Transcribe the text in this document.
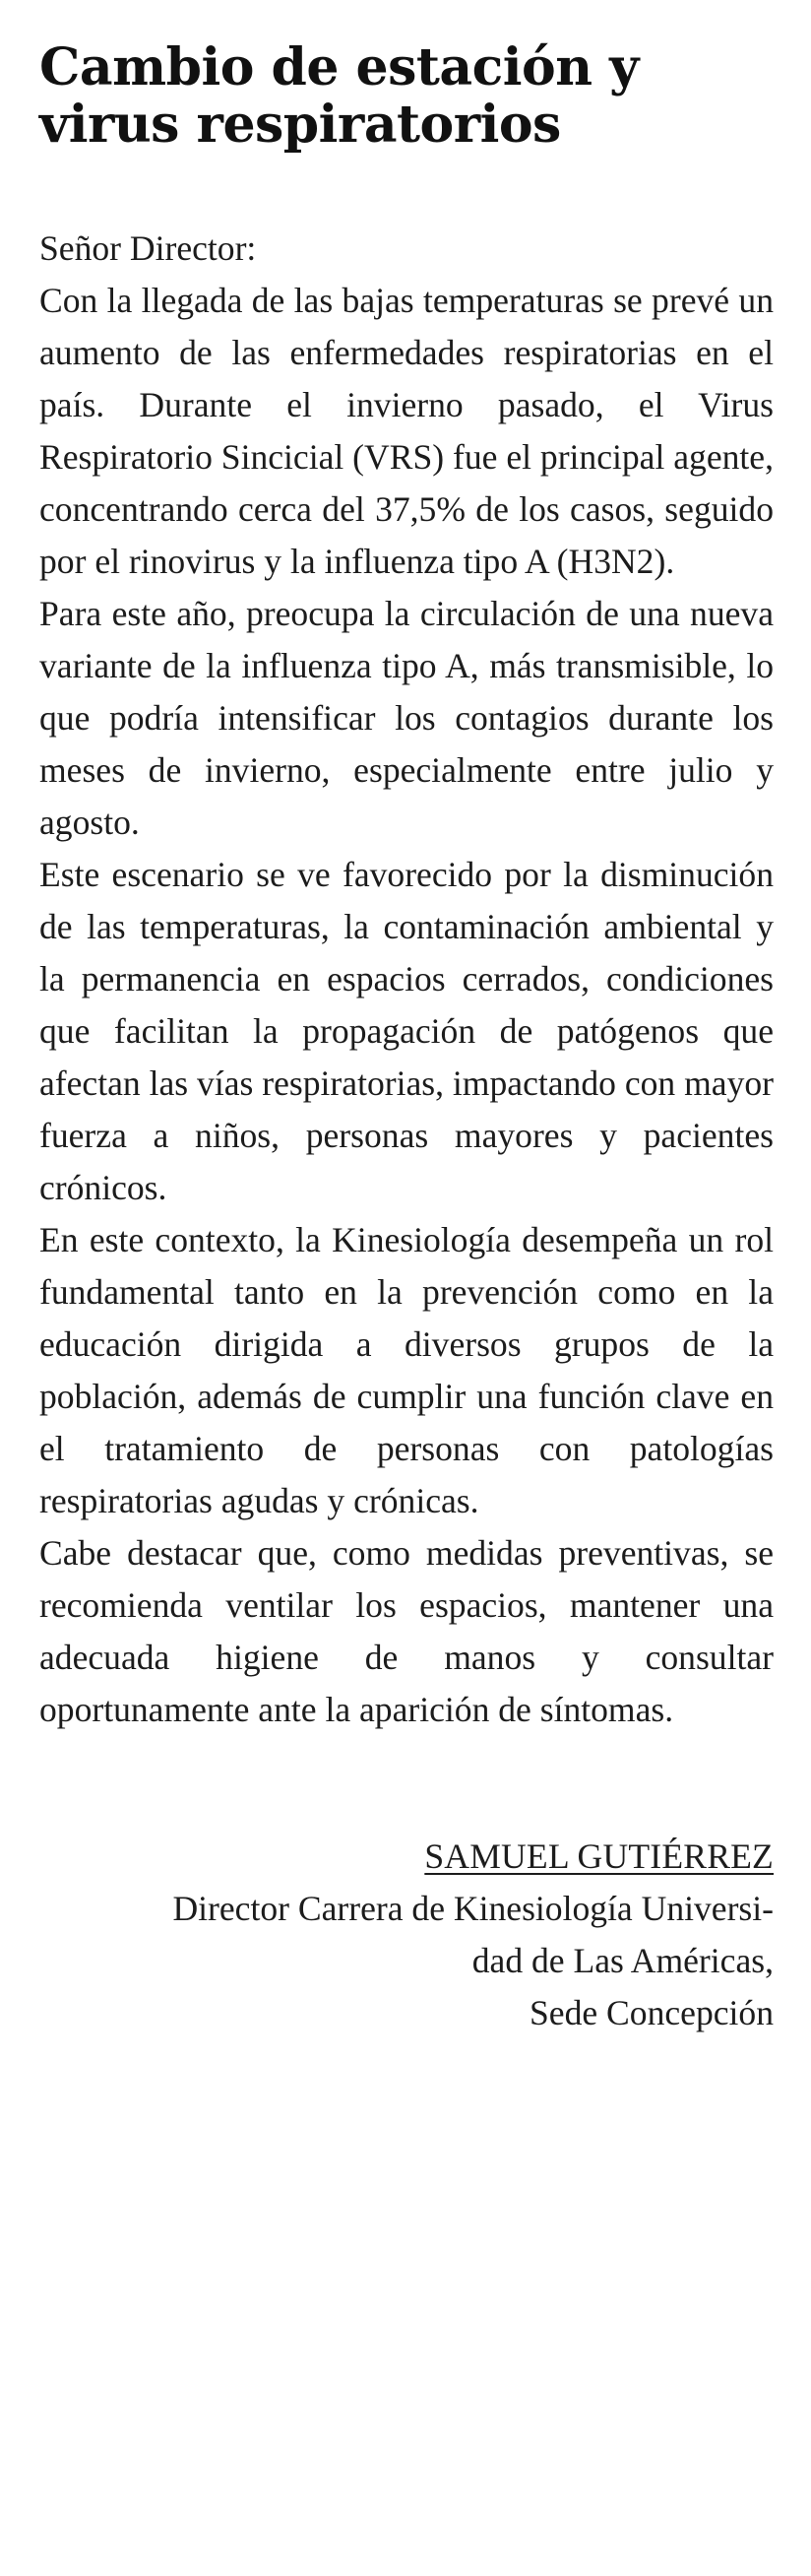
Cambio de estación y
virus respiratorios

Señor Director:

Con la llegada de las bajas temperaturas se prevé un aumento de las enfermedades respiratorias en el país. Durante el invierno pasado, el Virus Respiratorio Sincicial (VRS) fue el principal agente, concentrando cerca del 37,5% de los casos, seguido por el rinovirus y la influenza tipo A (H3N2).

Para este año, preocupa la circulación de una nueva variante de la influenza tipo A, más transmisible, lo que podría intensificar los contagios durante los meses de invierno, especialmente entre julio y agosto.

Este escenario se ve favorecido por la disminución de las temperaturas, la contaminación ambiental y la permanencia en espacios cerrados, condiciones que facilitan la propagación de patógenos que afectan las vías respiratorias, impactando con mayor fuerza a niños, personas mayores y pacientes crónicos.

En este contexto, la Kinesiología desempeña un rol fundamental tanto en la prevención como en la educación dirigida a diversos grupos de la población, además de cumplir una función clave en el tratamiento de personas con patologías respiratorias agudas y crónicas.

Cabe destacar que, como medidas preventivas, se recomienda ventilar los espacios, mantener una adecuada higiene de manos y consultar oportunamente ante la aparición de síntomas.

SAMUEL GUTIÉRREZ
Director Carrera de Kinesiología Universi-
dad de Las Américas,
Sede Concepción
